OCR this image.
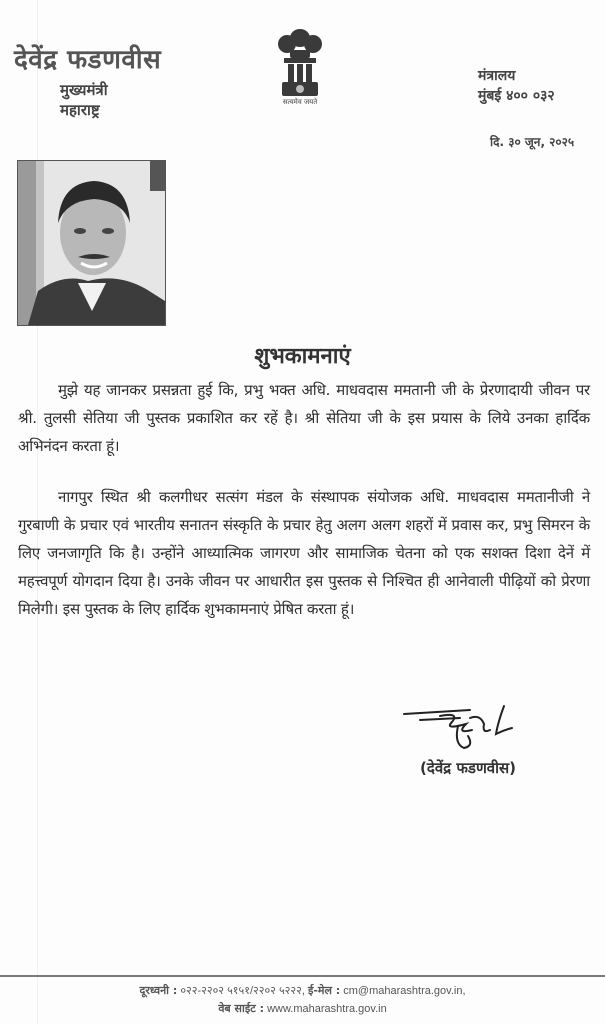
देवेंद्र फडणवीस
मुख्यमंत्री
महाराष्ट्र	सत्यमेव जयते
मंत्रालय
मुंबई ४०० ०३२
दि. ३० जून, २०२५
शुभकामनाएं
मुझे यह जानकर प्रसन्नता हुई कि, प्रभु भक्त अधि. माधवदास ममतानी जी के प्रेरणादायी जीवन पर श्री. तुलसी सेतिया जी पुस्तक प्रकाशित कर रहें है। श्री सेतिया जी के इस प्रयास के लिये उनका हार्दिक अभिनंदन करता हूं।
नागपुर स्थित श्री कलगीधर सत्संग मंडल के संस्थापक संयोजक अधि. माधवदास ममतानीजी ने गुरबाणी के प्रचार एवं भारतीय सनातन संस्कृति के प्रचार हेतु अलग अलग शहरों में प्रवास कर, प्रभु सिमरन के लिए जनजागृति कि है। उन्होंने आध्यात्मिक जागरण और सामाजिक चेतना को एक सशक्त दिशा देनें में महत्त्वपूर्ण योगदान दिया है। उनके जीवन पर आधारीत इस पुस्तक से निश्चित ही आनेवाली पीढ़ियों को प्रेरणा मिलेगी। इस पुस्तक के लिए हार्दिक शुभकामनाएं प्रेषित करता हूं।
(देवेंद्र फडणवीस)
दूरध्वनी : ०२२-२२०२ ५१५१/२२०२ ५२२२, ई-मेल : cm@maharashtra.gov.in,
वेब साईट : www.maharashtra.gov.in
